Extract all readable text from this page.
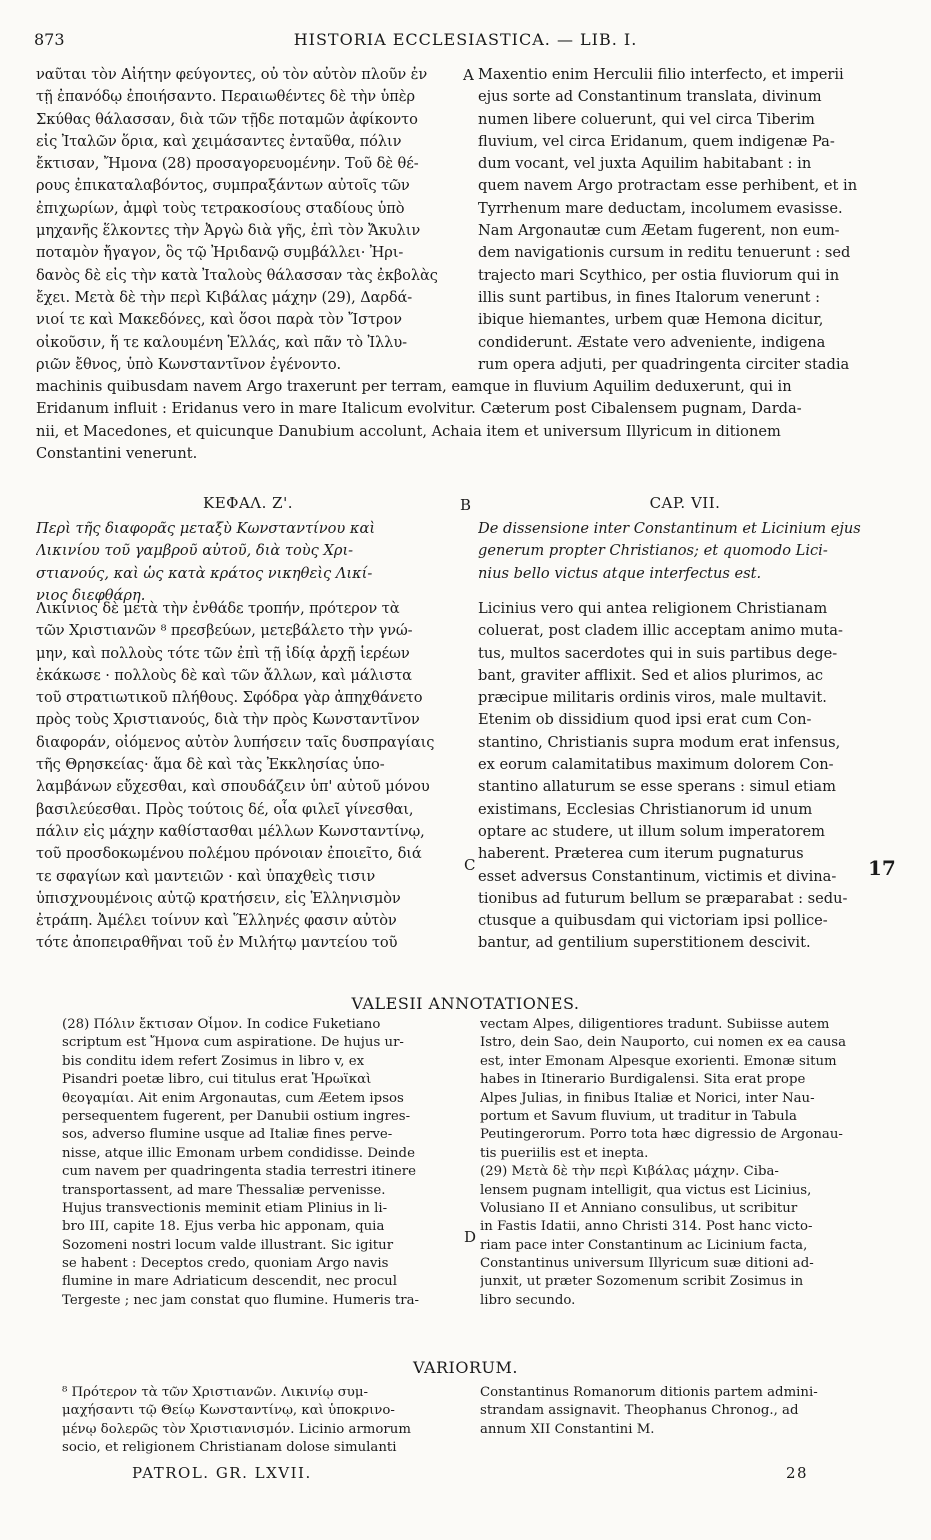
HISTORIA ECCLESIASTICA. — LIB. I.
873
ναῦται τὸν Αἰήτην φεύγοντες, οὐ τὸν αὐτὸν πλοῦν ἐν
τῇ ἐπανόδῳ ἐποιήσαντο. Περαιωθέντες δὲ τὴν ὑπὲρ
Σκύθας θάλασσαν, διὰ τῶν τῇδε ποταμῶν ἀφίκοντο
εἰς Ἰταλῶν ὅρια, καὶ χειμάσαντες ἐνταῦθα, πόλιν
ἔκτισαν, Ἤμονα (28) προσαγορευομένην. Τοῦ δὲ θέ-
ρους ἐπικαταλαβόντος, συμπραξάντων αὐτοῖς τῶν
ἐπιχωρίων, ἀμφὶ τοὺς τετρακοσίους σταδίους ὑπὸ
μηχανῆς ἕλκοντες τὴν Ἀργὼ διὰ γῆς, ἐπὶ τὸν Ἄκυλιν
ποταμὸν ἤγαγον, ὃς τῷ Ἠριδανῷ συμβάλλει· Ἠρι-
δανὸς δὲ εἰς τὴν κατὰ Ἰταλοὺς θάλασσαν τὰς ἐκβολὰς
ἔχει. Μετὰ δὲ τὴν περὶ Κιβάλας μάχην (29), Δαρδά-
νιοί τε καὶ Μακεδόνες, καὶ ὅσοι παρὰ τὸν Ἴστρον
οἰκοῦσιν, ἥ τε καλουμένη Ἑλλάς, καὶ πᾶν τὸ Ἰλλυ-
ριῶν ἔθνος, ὑπὸ Κωνσταντῖνον ἐγένοντο.
A Maxentio enim Herculii filio interfecto, et imperii
ejus sorte ad Constantinum translata, divinum
numen libere coluerunt, qui vel circa Tiberim
fluvium, vel circa Eridanum, quem indigenæ Pa-
dum vocant, vel juxta Aquilim habitabant : in
quem navem Argo protractam esse perhibent, et in
Tyrrhenum mare deductam, incolumem evasisse.
Nam Argonautæ cum Æetam fugerent, non eum-
dem navigationis cursum in reditu tenuerunt : sed
trajecto mari Scythico, per ostia fluviorum qui in
illis sunt partibus, in fines Italorum venerunt :
ibique hiemantes, urbem quæ Hemona dicitur,
condiderunt. Æstate vero adveniente, indigena
rum opera adjuti, per quadringenta circiter stadia
machinis quibusdam navem Argo traxerunt per terram, eamque in fluvium Aquilim deduxerunt, qui in
Eridanum influit : Eridanus vero in mare Italicum evolvitur. Cæterum post Cibalensem pugnam, Darda-
nii, et Macedones, et quicunque Danubium accolunt, Achaia item et universum Illyricum in ditionem
Constantini venerunt.
ΚΕΦΑΛ. Ζ'.	B	CAP. VII.
Περὶ τῆς διαφορᾶς μεταξὺ Κωνσταντίνου καὶ
Λικινίου τοῦ γαμβροῦ αὐτοῦ, διὰ τοὺς Χρι-
στιανούς, καὶ ὡς κατὰ κράτος νικηθεὶς Λικί-
νιος διεφθάρη.
De dissensione inter Constantinum et Licinium ejus
generum propter Christianos; et quomodo Lici-
nius bello victus atque interfectus est.
Λικίνιος δὲ μετὰ τὴν ἐνθάδε τροπήν, πρότερον τὰ
τῶν Χριστιανῶν ⁸ πρεσβεύων, μετεβάλετο τὴν γνώ-
μην, καὶ πολλοὺς τότε τῶν ἐπὶ τῇ ἰδίᾳ ἀρχῇ ἱερέων
ἐκάκωσε · πολλοὺς δὲ καὶ τῶν ἄλλων, καὶ μάλιστα
τοῦ στρατιωτικοῦ πλήθους. Σφόδρα γὰρ ἀπηχθάνετο
πρὸς τοὺς Χριστιανούς, διὰ τὴν πρὸς Κωνσταντῖνον
διαφοράν, οἰόμενος αὐτὸν λυπήσειν ταῖς δυσπραγίαις
τῆς Θρησκείας· ἅμα δὲ καὶ τὰς Ἐκκλησίας ὑπο-
λαμβάνων εὔχεσθαι, καὶ σπουδάζειν ὑπ' αὐτοῦ μόνου
βασιλεύεσθαι. Πρὸς τούτοις δέ, οἷα φιλεῖ γίνεσθαι,
πάλιν εἰς μάχην καθίστασθαι μέλλων Κωνσταντίνῳ,
τοῦ προσδοκωμένου πολέμου πρόνοιαν ἐποιεῖτο, διά
τε σφαγίων καὶ μαντειῶν · καὶ ὑπαχθεὶς τισιν
ὑπισχνουμένοις αὐτῷ κρατήσειν, εἰς Ἑλληνισμὸν
ἐτράπη. Ἀμέλει τοίνυν καὶ Ἕλληνές φασιν αὐτὸν
τότε ἀποπειραθῆναι τοῦ ἐν Μιλήτῳ μαντείου τοῦ
C
Licinius vero qui antea religionem Christianam
coluerat, post cladem illic acceptam animo muta-
tus, multos sacerdotes qui in suis partibus dege-
bant, graviter afflixit. Sed et alios plurimos, ac
præcipue militaris ordinis viros, male multavit.
Etenim ob dissidium quod ipsi erat cum Con-
stantino, Christianis supra modum erat infensus,
ex eorum calamitatibus maximum dolorem Con-
stantino allaturum se esse sperans : simul etiam
existimans, Ecclesias Christianorum id unum
optare ac studere, ut illum solum imperatorem
haberent. Præterea cum iterum pugnaturus
esset adversus Constantinum, victimis et divina-
tionibus ad futurum bellum se præparabat : sedu-
ctusque a quibusdam qui victoriam ipsi pollice-
bantur, ad gentilium superstitionem descivit.
17
VALESII ANNOTATIONES.
(28) Πόλιν ἔκτισαν Οἶμον. In codice Fuketiano
scriptum est Ἤμονα cum aspiratione. De hujus ur-
bis conditu idem refert Zosimus in libro v, ex
Pisandri poetæ libro, cui titulus erat Ἡρωϊκαὶ
θεογαμίαι. Ait enim Argonautas, cum Æetem ipsos
persequentem fugerent, per Danubii ostium ingres-
sos, adverso flumine usque ad Italiæ fines perve-
nisse, atque illic Emonam urbem condidisse. Deinde
cum navem per quadringenta stadia terrestri itinere
transportassent, ad mare Thessaliæ pervenisse.
Hujus transvectionis meminit etiam Plinius in li-
bro III, capite 18. Ejus verba hic apponam, quia
Sozomeni nostri locum valde illustrant. Sic igitur
se habent : Deceptos credo, quoniam Argo navis
flumine in mare Adriaticum descendit, nec procul
Tergeste ; nec jam constat quo flumine. Humeris tra-
D
vectam Alpes, diligentiores tradunt. Subiisse autem
Istro, dein Sao, dein Nauporto, cui nomen ex ea causa
est, inter Emonam Alpesque exorienti. Emonæ situm
habes in Itinerario Burdigalensi. Sita erat prope
Alpes Julias, in finibus Italiæ et Norici, inter Nau-
portum et Savum fluvium, ut traditur in Tabula
Peutingerorum. Porro tota hæc digressio de Argonau-
tis pueriilis est et inepta.
(29) Μετὰ δὲ τὴν περὶ Κιβάλας μάχην. Ciba-
lensem pugnam intelligit, qua victus est Licinius,
Volusiano II et Anniano consulibus, ut scribitur
in Fastis Idatii, anno Christi 314. Post hanc victo-
riam pace inter Constantinum ac Licinium facta,
Constantinus universum Illyricum suæ ditioni ad-
junxit, ut præter Sozomenum scribit Zosimus in
libro secundo.
VARIORUM.
⁸ Πρότερον τὰ τῶν Χριστιανῶν. Λικινίῳ συμ-
μαχήσαντι τῷ Θείῳ Κωνσταντίνῳ, καὶ ὑποκρινο-
μένῳ δολερῶς τὸν Χριστιανισμόν. Licinio armorum
socio, et religionem Christianam dolose simulanti
Constantinus Romanorum ditionis partem admini-
strandam assignavit. Theophanus Chronog., ad
annum XII Constantini M.
PATROL. GR. LXVII.	28
